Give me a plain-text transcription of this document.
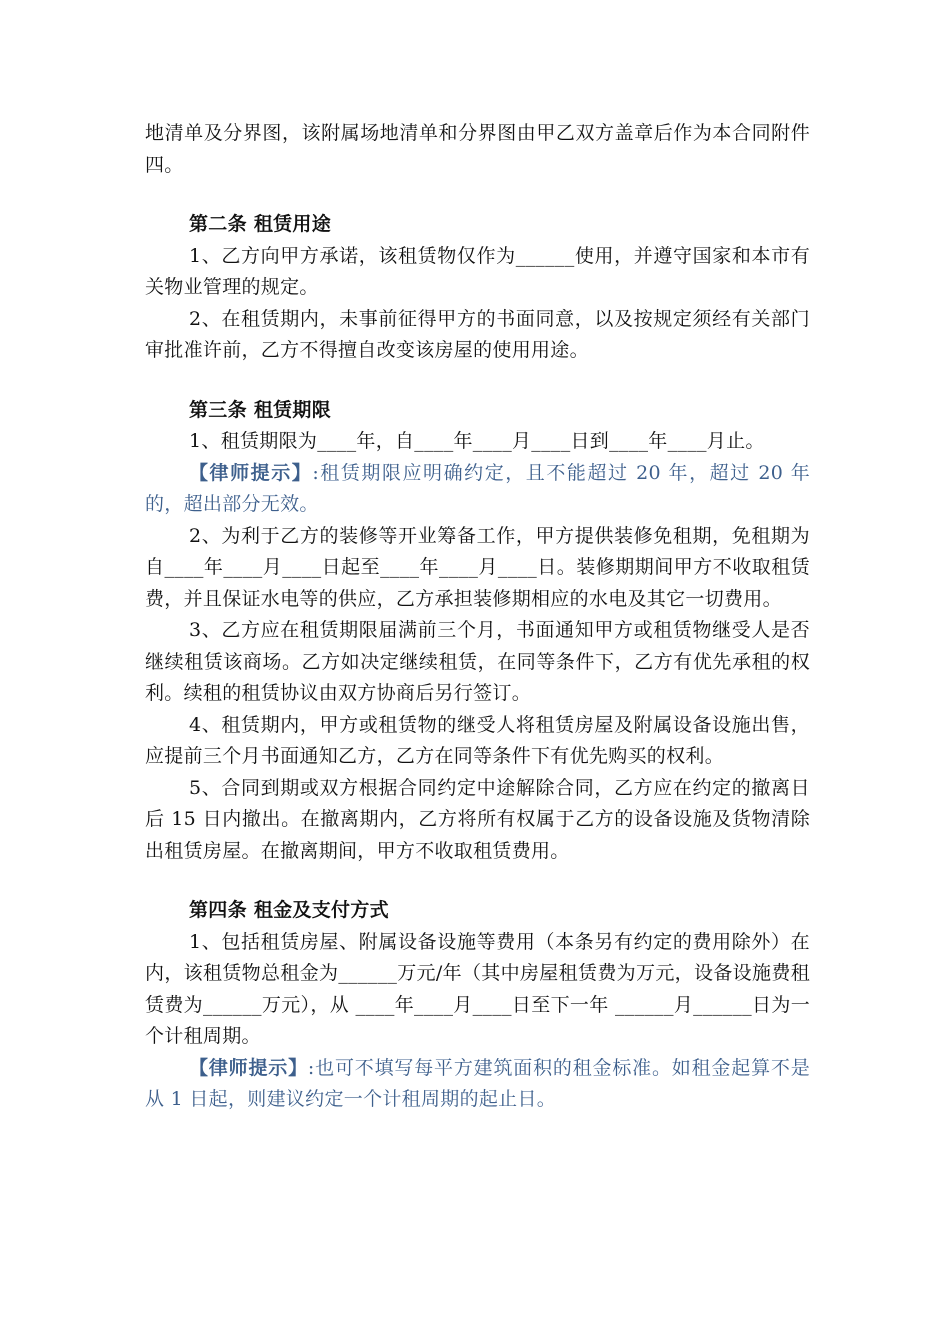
地清单及分界图，该附属场地清单和分界图由甲乙双方盖章后作为本合同附件四。

第二条 租赁用途

1、乙方向甲方承诺，该租赁物仅作为______使用，并遵守国家和本市有关物业管理的规定。

2、在租赁期内，未事前征得甲方的书面同意，以及按规定须经有关部门审批准许前，乙方不得擅自改变该房屋的使用用途。

第三条 租赁期限

1、租赁期限为____年，自____年____月____日到____年____月止。

【律师提示】:租赁期限应明确约定，且不能超过 20 年，超过 20 年的，超出部分无效。

2、为利于乙方的装修等开业筹备工作，甲方提供装修免租期，免租期为自____年____月____日起至____年____月____日。装修期期间甲方不收取租赁费，并且保证水电等的供应，乙方承担装修期相应的水电及其它一切费用。

3、乙方应在租赁期限届满前三个月，书面通知甲方或租赁物继受人是否继续租赁该商场。乙方如决定继续租赁，在同等条件下，乙方有优先承租的权利。续租的租赁协议由双方协商后另行签订。

4、租赁期内，甲方或租赁物的继受人将租赁房屋及附属设备设施出售，应提前三个月书面通知乙方，乙方在同等条件下有优先购买的权利。

5、合同到期或双方根据合同约定中途解除合同，乙方应在约定的撤离日后 15 日内撤出。在撤离期内，乙方将所有权属于乙方的设备设施及货物清除出租赁房屋。在撤离期间，甲方不收取租赁费用。

第四条 租金及支付方式

1、包括租赁房屋、附属设备设施等费用（本条另有约定的费用除外）在内，该租赁物总租金为______万元/年（其中房屋租赁费为万元，设备设施费租赁费为______万元），从 ____年____月____日至下一年 ______月______日为一个计租周期。

【律师提示】:也可不填写每平方建筑面积的租金标准。如租金起算不是从 1 日起，则建议约定一个计租周期的起止日。
